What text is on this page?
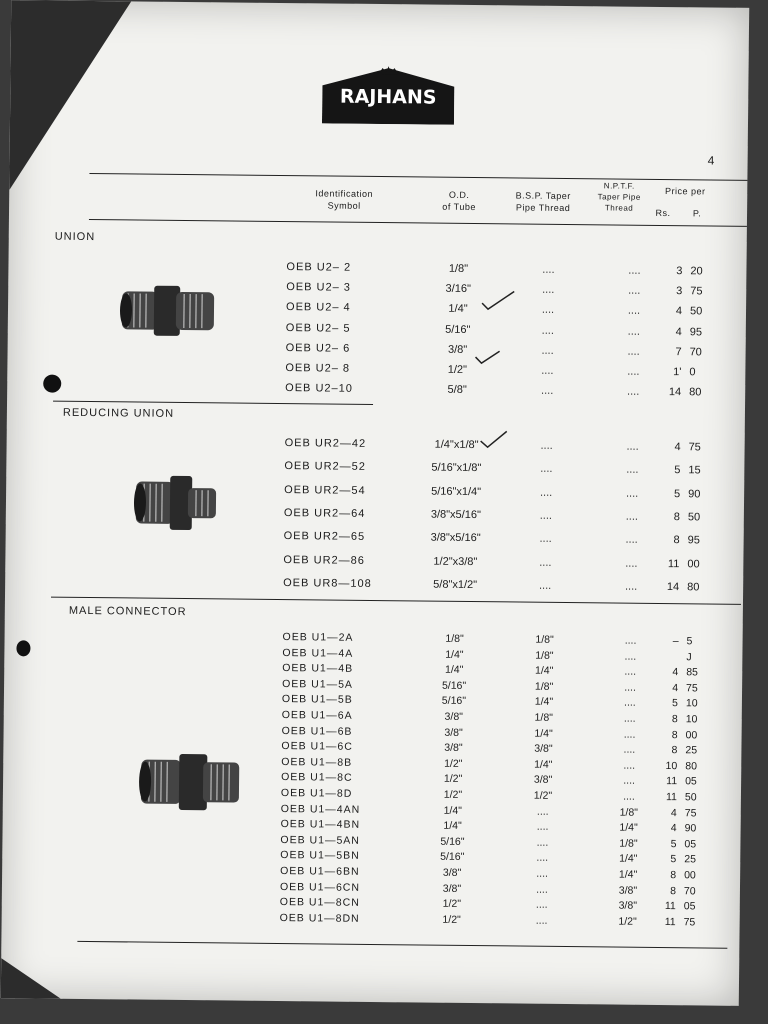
RAJHANS
4
Identification
Symbol
O.D.
of Tube
B.S.P. Taper
Pipe Thread
N.P.T.F.
Taper Pipe
Thread
Price per
Rs.	P.
UNION
OEB U2– 2	1/8"	....	....	3 20
OEB U2– 3	3/16"	....	....	3 75
OEB U2– 4	1/4"	....	....	4 50
OEB U2– 5	5/16"	....	....	4 95
OEB U2– 6	3/8"	....	....	7 70
OEB U2– 8	1/2"	....	....	1' 0
OEB U2–10	5/8"	....	....	14 80
REDUCING UNION
OEB UR2—42	1/4"x1/8"	....	....	4 75
OEB UR2—52	5/16"x1/8"	....	....	5 15
OEB UR2—54	5/16"x1/4"	....	....	5 90
OEB UR2—64	3/8"x5/16"	....	....	8 50
OEB UR2—65	3/8"x5/16"	....	....	8 95
OEB UR2—86	1/2"x3/8"	....	....	11 00
OEB UR8—108	5/8"x1/2"	....	....	14 80
MALE CONNECTOR
OEB U1—2A	1/8"	1/8"	....	– 5
OEB U1—4A	1/4"	1/8"	....	J
OEB U1—4B	1/4"	1/4"	....	4 85
OEB U1—5A	5/16"	1/8"	....	4 75
OEB U1—5B	5/16"	1/4"	....	5 10
OEB U1—6A	3/8"	1/8"	....	8 10
OEB U1—6B	3/8"	1/4"	....	8 00
OEB U1—6C	3/8"	3/8"	....	8 25
OEB U1—8B	1/2"	1/4"	....	10 80
OEB U1—8C	1/2"	3/8"	....	11 05
OEB U1—8D	1/2"	1/2"	....	11 50
OEB U1—4AN	1/4"	....	1/8"	4 75
OEB U1—4BN	1/4"	....	1/4"	4 90
OEB U1—5AN	5/16"	....	1/8"	5 05
OEB U1—5BN	5/16"	....	1/4"	5 25
OEB U1—6BN	3/8"	....	1/4"	8 00
OEB U1—6CN	3/8"	....	3/8"	8 70
OEB U1—8CN	1/2"	....	3/8"	11 05
OEB U1—8DN	1/2"	....	1/2"	11 75
